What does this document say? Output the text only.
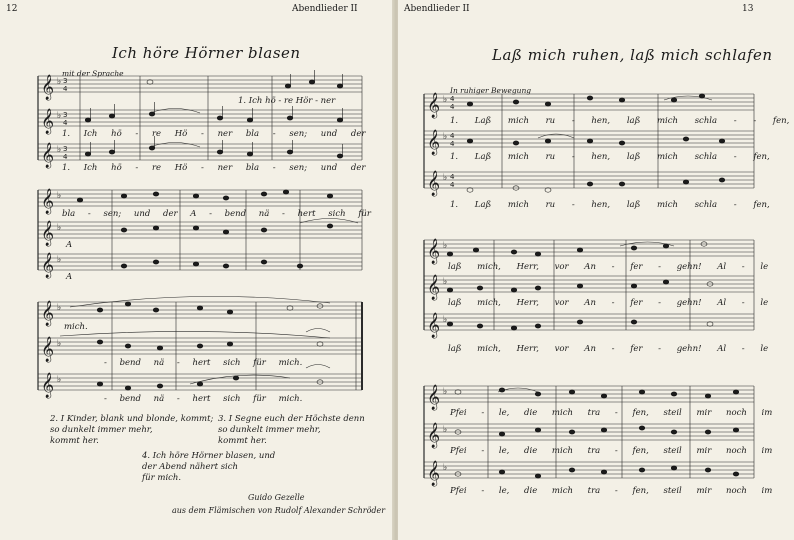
12	Abendlieder II
Ich höre Hörner blasen
mit der Sprache
𝄞
𝄞
𝄞
𝄞
𝄞
𝄞
𝄞
𝄞
𝄞
♭
♭
♭
♭
♭
♭
♭
♭
♭
3
4
3
4
3
4
1. Ich hö - re Hör - ner
1. Ich hö - re Hö - ner bla - sen; und der
1. Ich hö - re Hö - ner bla - sen; und der
bla - sen; und der A - bend nä - hert sich für
A
A
mich.
- bend nä - hert sich für mich.
- bend nä - hert sich für mich.
2. I Kinder, blank und blonde, kommt;
so dunkelt immer mehr,
kommt her.
3. I Segne euch der Höchste denn
so dunkelt immer mehr,
kommt her.
4. Ich höre Hörner blasen, und
der Abend nähert sich
für mich.
Guido Gezelle
aus dem Flämischen von Rudolf Alexander Schröder
Abendlieder II	13
Laß mich ruhen, laß mich schlafen
In ruhiger Bewegung
𝄞
𝄞
𝄞
𝄞
𝄞
𝄞
𝄞
𝄞
𝄞
♭
♭
♭
♭
♭
♭
♭
♭
♭
4
4
4
4
4
4
1. Laß mich ru - hen, laß mich schla - - fen,
1. Laß mich ru - hen, laß mich schla - fen,
1. Laß mich ru - hen, laß mich schla - fen,
laß mich, Herr, vor An - fer - gehn! Al - le
laß mich, Herr, vor An - fer - gehn! Al - le
laß mich, Herr, vor An - fer - gehn! Al - le
Pfei - le, die mich tra - fen, steil mir noch im
Pfei - le, die mich tra - fen, steil mir noch im
Pfei - le, die mich tra - fen, steil mir noch im
